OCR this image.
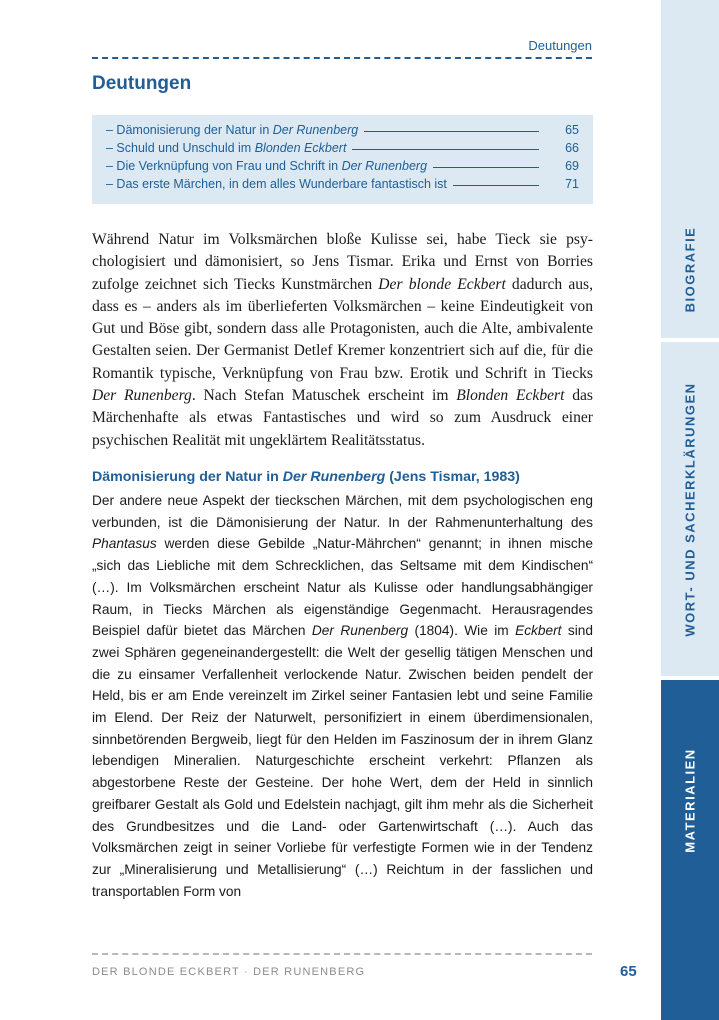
Deutungen
Deutungen
– Dämonisierung der Natur in Der Runenberg	65
– Schuld und Unschuld im Blonden Eckbert	66
– Die Verknüpfung von Frau und Schrift in Der Runenberg	69
– Das erste Märchen, in dem alles Wunderbare fantastisch ist	71

Während Natur im Volksmärchen bloße Kulisse sei, habe Tieck sie psychologisiert und dämonisiert, so Jens Tismar. Erika und Ernst von Borries zufolge zeichnet sich Tiecks Kunstmärchen Der blonde Eckbert dadurch aus, dass es – anders als im überlieferten Volksmärchen – keine Eindeutigkeit von Gut und Böse gibt, sondern dass alle Protagonisten, auch die Alte, ambivalente Gestalten seien. Der Germanist Detlef Kremer konzentriert sich auf die, für die Romantik typische, Verknüpfung von Frau bzw. Erotik und Schrift in Tiecks Der Runenberg. Nach Stefan Matuschek erscheint im Blonden Eckbert das Märchenhafte als etwas Fantastisches und wird so zum Ausdruck einer psychischen Realität mit ungeklärtem Realitätsstatus.

Dämonisierung der Natur in Der Runenberg (Jens Tismar, 1983)

Der andere neue Aspekt der tieckschen Märchen, mit dem psychologischen eng verbunden, ist die Dämonisierung der Natur. In der Rahmenunterhaltung des Phantasus werden diese Gebilde „Natur-Mährchen“ genannt; in ihnen mische „sich das Liebliche mit dem Schrecklichen, das Seltsame mit dem Kindischen“ (…). Im Volksmärchen erscheint Natur als Kulisse oder handlungsabhängiger Raum, in Tiecks Märchen als eigenständige Gegenmacht. Herausragendes Beispiel dafür bietet das Märchen Der Runenberg (1804). Wie im Eckbert sind zwei Sphären gegeneinandergestellt: die Welt der gesellig tätigen Menschen und die zu einsamer Verfallenheit verlockende Natur. Zwischen beiden pendelt der Held, bis er am Ende vereinzelt im Zirkel seiner Fantasien lebt und seine Familie im Elend. Der Reiz der Naturwelt, personifiziert in einem überdimensionalen, sinnbetörenden Bergweib, liegt für den Helden im Faszinosum der in ihrem Glanz lebendigen Mineralien. Naturgeschichte erscheint verkehrt: Pflanzen als abgestorbene Reste der Gesteine. Der hohe Wert, dem der Held in sinnlich greifbarer Gestalt als Gold und Edelstein nachjagt, gilt ihm mehr als die Sicherheit des Grundbesitzes und die Land- oder Gartenwirtschaft (…). Auch das Volksmärchen zeigt in seiner Vorliebe für verfestigte Formen wie in der Tendenz zur „Mineralisierung und Metallisierung“ (…) Reichtum in der fasslichen und transportablen Form von

DER BLONDE ECKBERT · DER RUNENBERG	65
BIOGRAFIE
WORT- UND SACHERKLÄRUNGEN
MATERIALIEN
